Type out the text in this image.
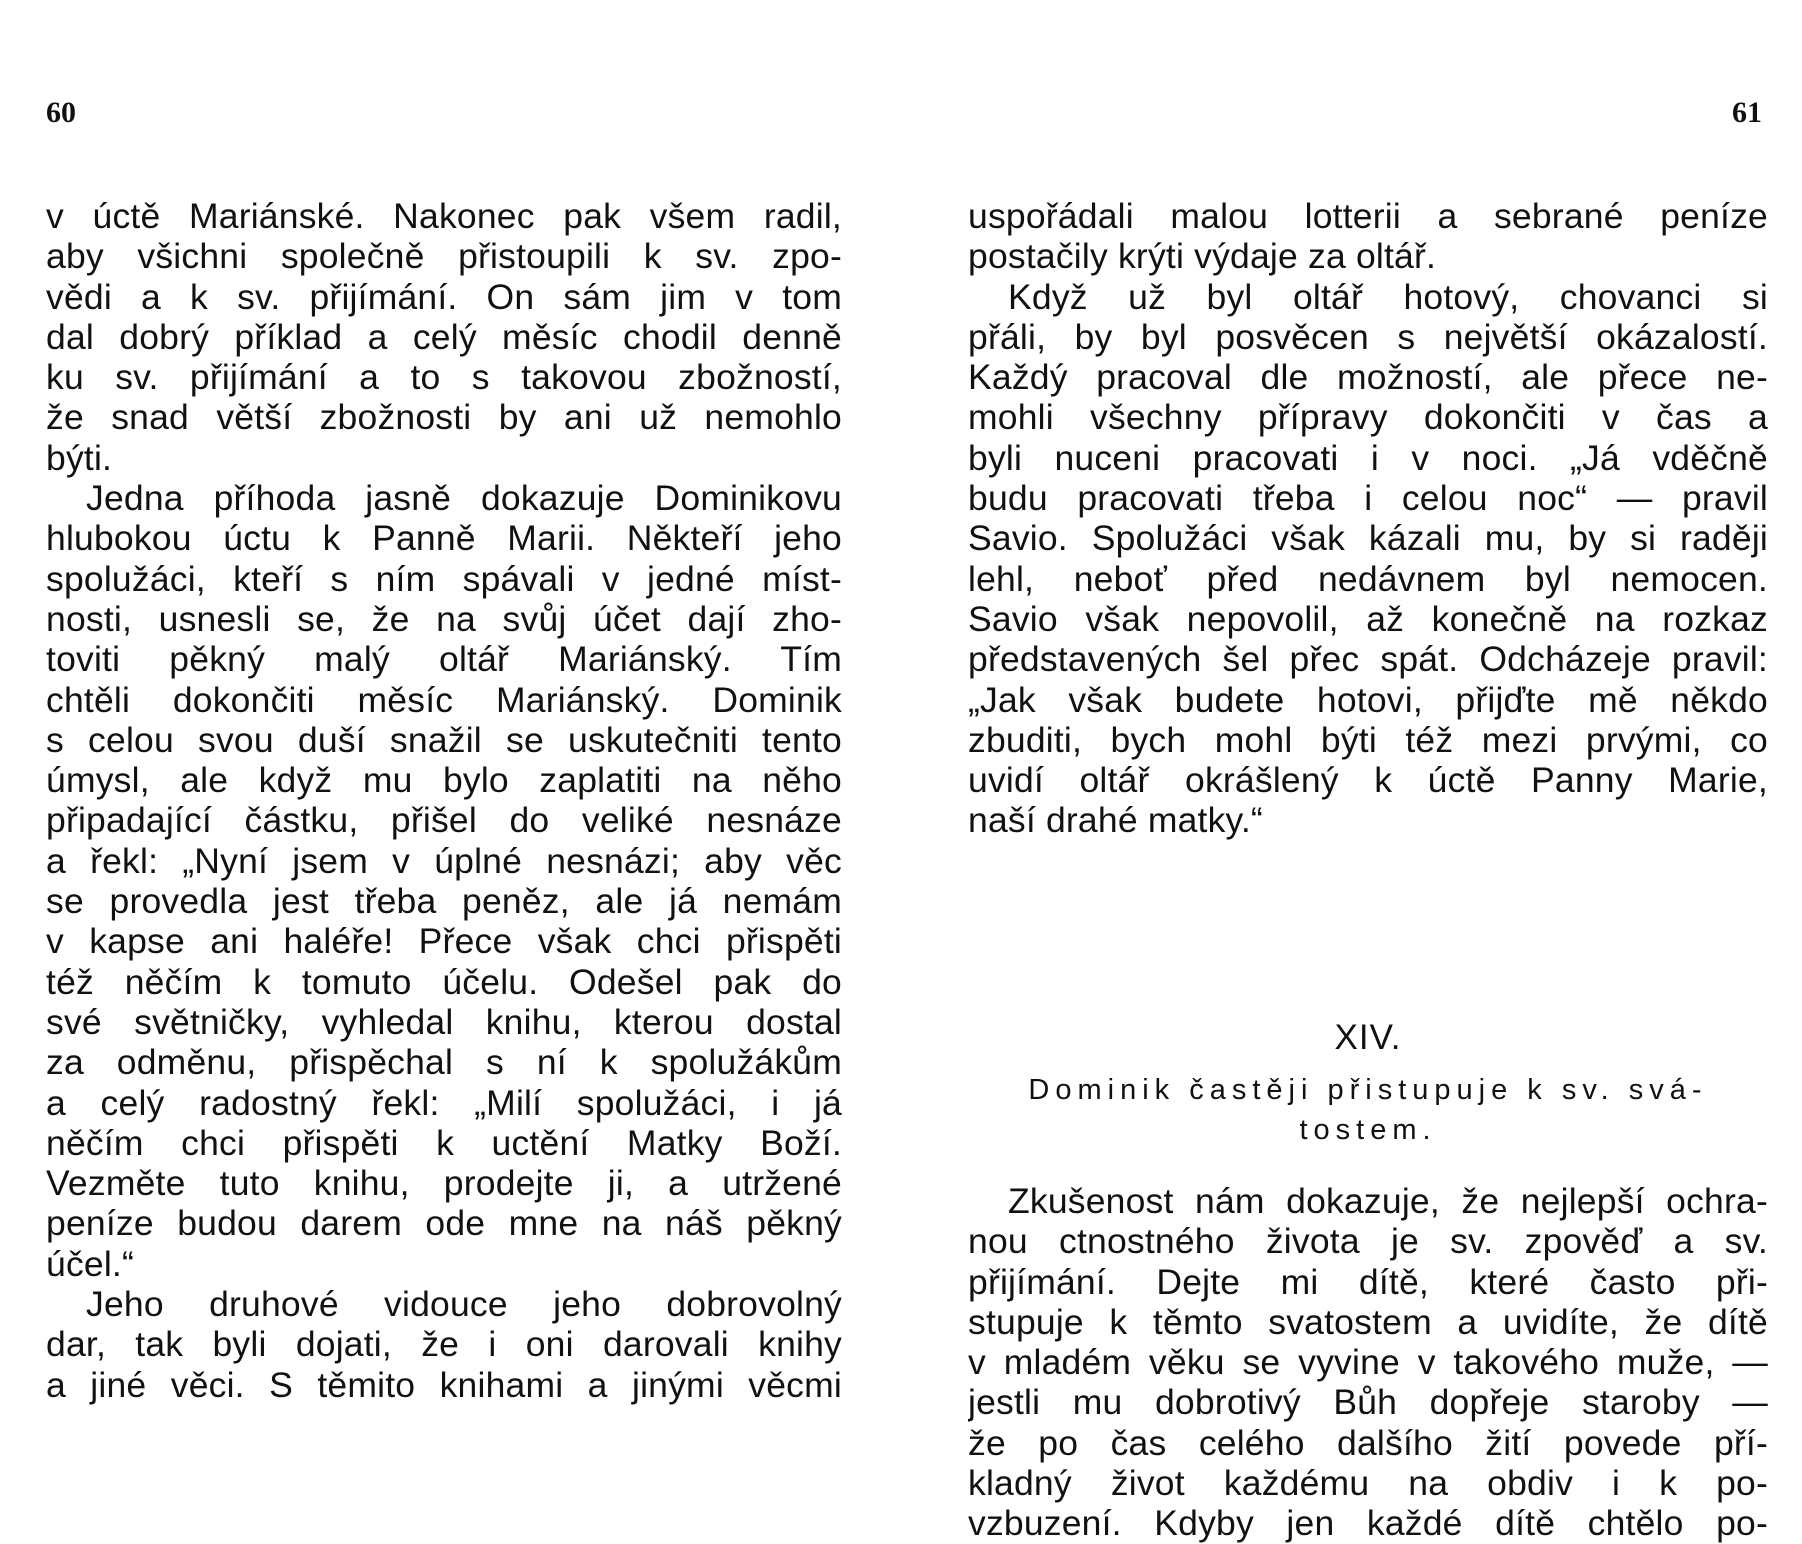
60

v úctě Mariánské. Nakonec pak všem radil,
aby všichni společně přistoupili k sv. zpo-
vědi a k sv. přijímání. On sám jim v tom
dal dobrý příklad a celý měsíc chodil denně
ku sv. přijímání a to s takovou zbožností,
že snad větší zbožnosti by ani už nemohlo
býti.
Jedna příhoda jasně dokazuje Dominikovu
hlubokou úctu k Panně Marii. Někteří jeho
spolužáci, kteří s ním spávali v jedné míst-
nosti, usnesli se, že na svůj účet dají zho-
toviti pěkný malý oltář Mariánský. Tím
chtěli dokončiti měsíc Mariánský. Dominik
s celou svou duší snažil se uskutečniti tento
úmysl, ale když mu bylo zaplatiti na něho
připadající částku, přišel do veliké nesnáze
a řekl: „Nyní jsem v úplné nesnázi; aby věc
se provedla jest třeba peněz, ale já nemám
v kapse ani haléře! Přece však chci přispěti
též něčím k tomuto účelu. Odešel pak do
své světničky, vyhledal knihu, kterou dostal
za odměnu, přispěchal s ní k spolužákům
a celý radostný řekl: „Milí spolužáci, i já
něčím chci přispěti k uctění Matky Boží.
Vezměte tuto knihu, prodejte ji, a utržené
peníze budou darem ode mne na náš pěkný
účel.“
Jeho druhové vidouce jeho dobrovolný
dar, tak byli dojati, že i oni darovali knihy
a jiné věci. S těmito knihami a jinými věcmi

61

uspořádali malou lotterii a sebrané peníze
postačily krýti výdaje za oltář.
Když už byl oltář hotový, chovanci si
přáli, by byl posvěcen s největší okázalostí.
Každý pracoval dle možností, ale přece ne-
mohli všechny přípravy dokončiti v čas a
byli nuceni pracovati i v noci. „Já vděčně
budu pracovati třeba i celou noc“ — pravil
Savio. Spolužáci však kázali mu, by si raději
lehl, neboť před nedávnem byl nemocen.
Savio však nepovolil, až konečně na rozkaz
představených šel přec spát. Odcházeje pravil:
„Jak však budete hotovi, přijďte mě někdo
zbuditi, bych mohl býti též mezi prvými, co
uvidí oltář okrášlený k úctě Panny Marie,
naší drahé matky.“

XIV.

Dominik častěji přistupuje k sv. svá-
tostem.
Zkušenost nám dokazuje, že nejlepší ochra-
nou ctnostného života je sv. zpověď a sv.
přijímání. Dejte mi dítě, které často při-
stupuje k těmto svatostem a uvidíte, že dítě
v mladém věku se vyvine v takového muže, —
jestli mu dobrotivý Bůh dopřeje staroby —
že po čas celého dalšího žití povede pří-
kladný život každému na obdiv i k po-
vzbuzení. Kdyby jen každé dítě chtělo po-
